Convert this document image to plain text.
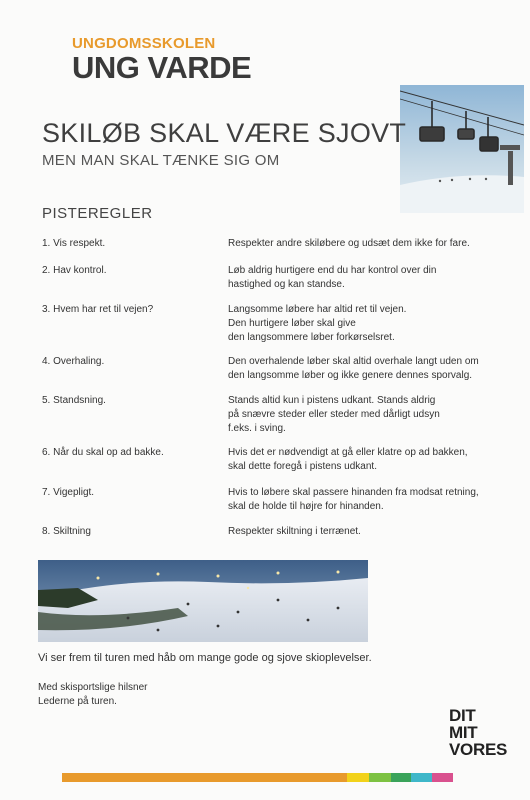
UNGDOMSSKOLEN
UNG VARDE
SKILØB SKAL VÆRE SJOVT
MEN MAN SKAL TÆNKE SIG OM
PISTEREGLER
1. Vis respekt.	Respekter andre skiløbere og udsæt dem ikke for fare.
2. Hav kontrol.	Løb aldrig hurtigere end du har kontrol over din
hastighed og kan standse.
3. Hvem har ret til vejen?	Langsomme løbere har altid ret til vejen.
Den hurtigere løber skal give
den langsommere løber forkørselsret.
4. Overhaling.	Den overhalende løber skal altid overhale langt uden om
den langsomme løber og ikke genere dennes sporvalg.
5. Standsning.	Stands altid kun i pistens udkant. Stands aldrig
på snævre steder eller steder med dårligt udsyn
f.eks. i sving.
6. Når du skal op ad bakke.	Hvis det er nødvendigt at gå eller klatre op ad bakken,
skal dette foregå i pistens udkant.
7. Vigepligt.	Hvis to løbere skal passere hinanden fra modsat retning,
skal de holde til højre for hinanden.
8. Skiltning	Respekter skiltning i terrænet.
Vi ser frem til turen med håb om mange gode og sjove skioplevelser.
Med skisportslige hilsner
Lederne på turen.
DIT
MIT
VORES
